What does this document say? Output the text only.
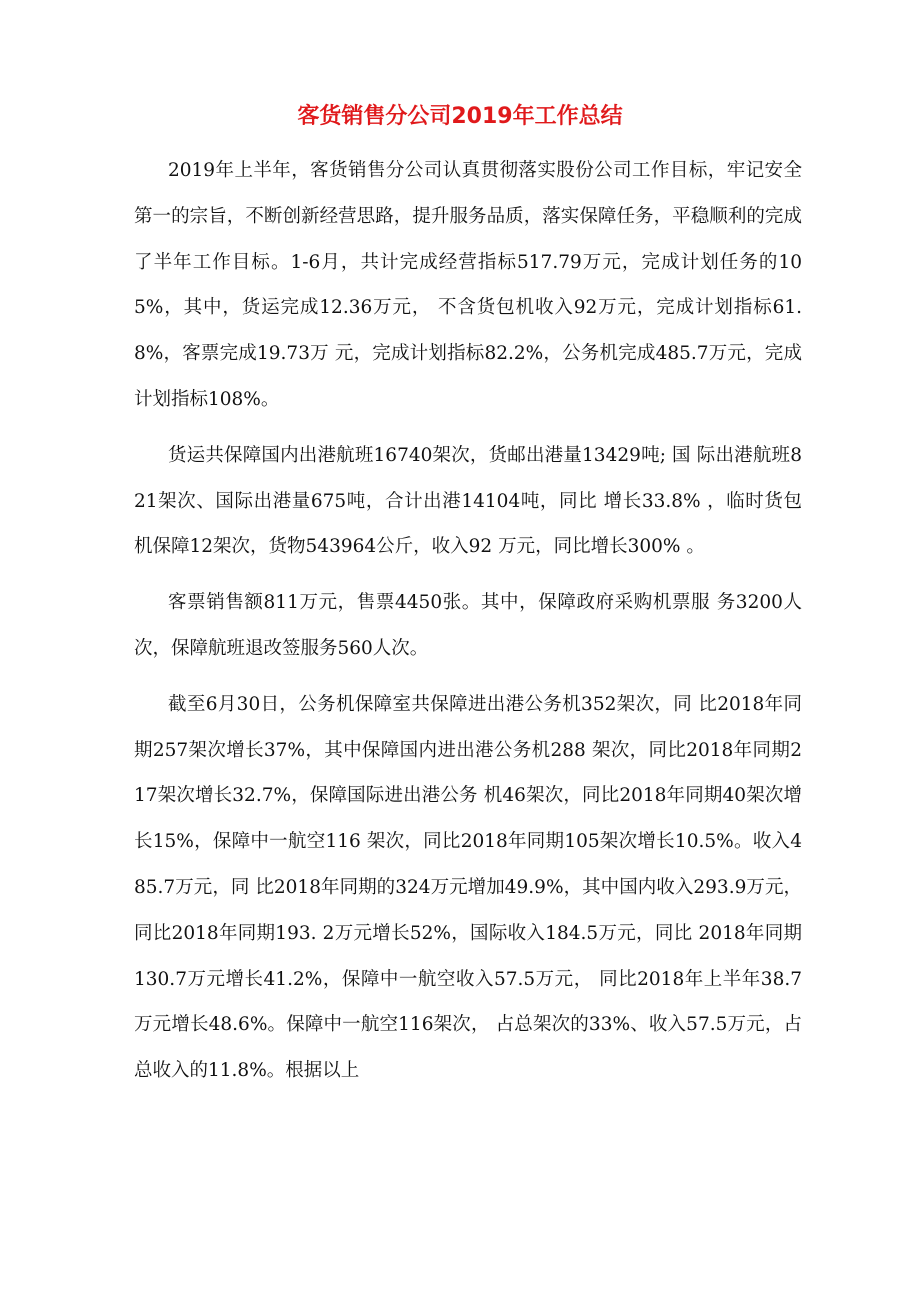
客货销售分公司2019年工作总结

2019年上半年，客货销售分公司认真贯彻落实股份公司工作目标，牢记安全第一的宗旨，不断创新经营思路，提升服务品质，落实保障任务，平稳顺利的完成了半年工作目标。1-6月，共计完成经营指标517.79万元，完成计划任务的105%，其中，货运完成12.36万元， 不含货包机收入92万元，完成计划指标61.8%，客票完成19.73万 元，完成计划指标82.2%，公务机完成485.7万元，完成计划指标108%。

货运共保障国内出港航班16740架次，货邮出港量13429吨; 国 际出港航班821架次、国际出港量675吨，合计出港14104吨，同比 增长33.8% ，临时货包机保障12架次，货物543964公斤，收入92 万元，同比增长300% 。

客票销售额811万元，售票4450张。其中，保障政府采购机票服 务3200人次，保障航班退改签服务560人次。

截至6月30日，公务机保障室共保障进出港公务机352架次，同 比2018年同期257架次增长37%，其中保障国内进出港公务机288 架次，同比2018年同期217架次增长32.7%，保障国际进出港公务 机46架次，同比2018年同期40架次增长15%，保障中一航空116 架次，同比2018年同期105架次增长10.5%。收入485.7万元，同 比2018年同期的324万元增加49.9%，其中国内收入293.9万元， 同比2018年同期193. 2万元增长52%，国际收入184.5万元，同比 2018年同期130.7万元增长41.2%，保障中一航空收入57.5万元， 同比2018年上半年38.7万元增长48.6%。保障中一航空116架次， 占总架次的33%、收入57.5万元，占总收入的11.8%。根据以上
